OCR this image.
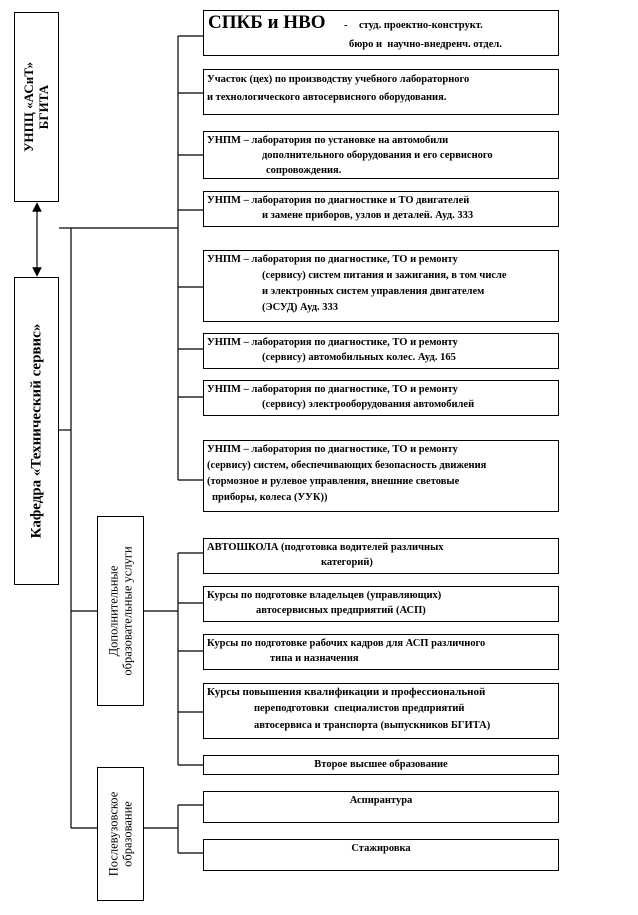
УНПЦ «АСиТ»
БГИТА
Кафедра «Технический сервис»
Дополнительные
образовательные услуги
Послевузовское
образование
СПКБ и НВО - студ. проектно-конструкт.
бюро и  научно-внедренч. отдел.
Участок (цех) по производству учебного лабораторного
и технологического автосервисного оборудования.
УНПМ – лаборатория по установке на автомобили
дополнительного оборудования и его сервисного
сопровождения.
УНПМ – лаборатория по диагностике и ТО двигателей
и замене приборов, узлов и деталей. Ауд. 333
УНПМ – лаборатория по диагностике, ТО и ремонту
(сервису) систем питания и зажигания, в том числе
и электронных систем управления двигателем
(ЭСУД) Ауд. 333
УНПМ – лаборатория по диагностике, ТО и ремонту
(сервису) автомобильных колес. Ауд. 165
УНПМ – лаборатория по диагностике, ТО и ремонту
(сервису) электрооборудования автомобилей
УНПМ – лаборатория по диагностике, ТО и ремонту
(сервису) систем, обеспечивающих безопасность движения
(тормозное и рулевое управления, внешние световые
приборы, колеса (УУК))
АВТОШКОЛА (подготовка водителей различных
категорий)
Курсы по подготовке владельцев (управляющих)
автосервисных предприятий (АСП)
Курсы по подготовке рабочих кадров для АСП различного
типа и назначения
Курсы повышения квалификации и профессиональной
переподготовки  специалистов предприятий
автосервиса и транспорта (выпускников БГИТА)
Второе высшее образование
Аспирантура
Стажировка
